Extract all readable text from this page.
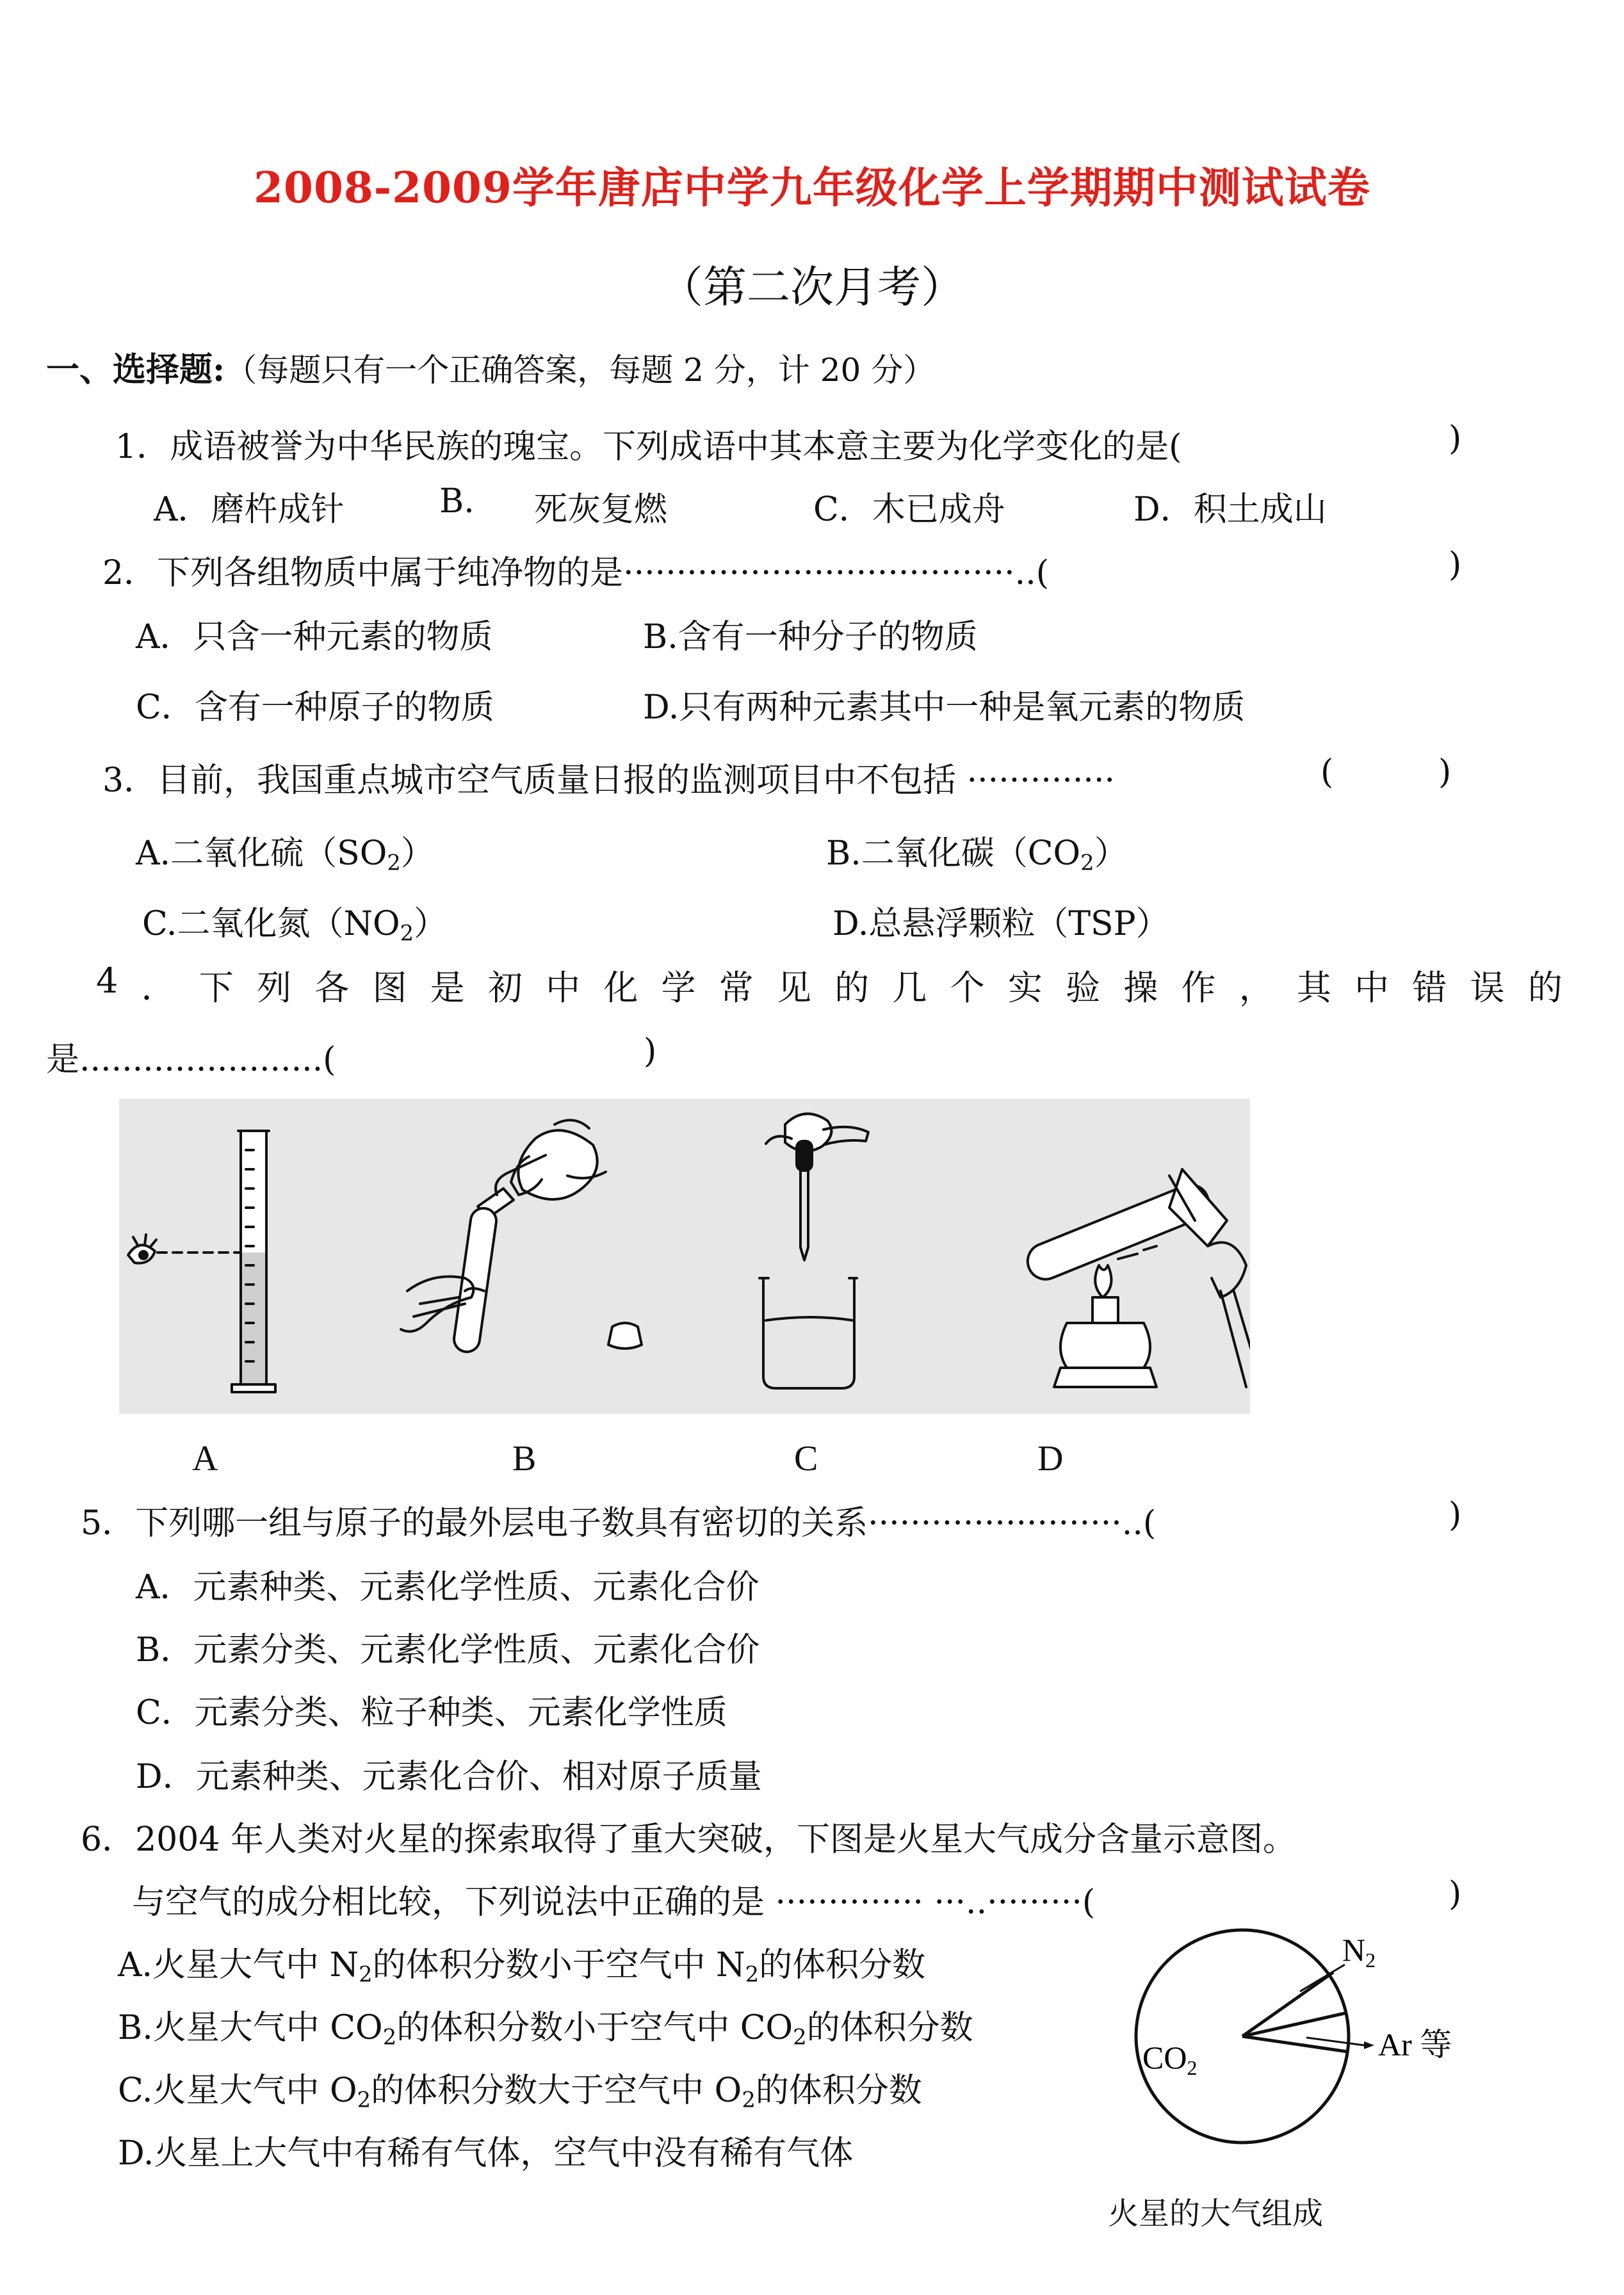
2008-2009学年唐店中学九年级化学上学期期中测试试卷
（第二次月考）
一、选择题:（每题只有一个正确答案，每题 2 分，计 20 分）
1．成语被誉为中华民族的瑰宝。下列成语中其本意主要为化学变化的是(	)
A．磨杵成针	B. 死灰复燃	C．木已成舟	D．积土成山
2．下列各组物质中属于纯净物的是·····································..(	)
A．只含一种元素的物质	B.含有一种分子的物质
C．含有一种原子的物质	D.只有两种元素其中一种是氧元素的物质
3．目前，我国重点城市空气质量日报的监测项目中不包括 ··············	(	)
A.二氧化硫$(SO_2)$	B.二氧化碳$(CO_2)$
C.二氧化氮$(NO_2)$	D.总悬浮颗粒（TSP）
4 ． 下 列 各 图 是 初 中 化 学 常 见 的 几 个 实 验 操 作 ， 其 中 错 误 的
是.......................(	)
A	B	C	D
5．下列哪一组与原子的最外层电子数具有密切的关系························..(	)
A．元素种类、元素化学性质、元素化合价
B．元素分类、元素化学性质、元素化合价
C．元素分类、粒子种类、元素化学性质
D．元素种类、元素化合价、相对原子质量
6．2004 年人类对火星的探索取得了重大突破，下图是火星大气成分含量示意图。
与空气的成分相比较，下列说法中正确的是 ·············· ···..·········(	)
A.火星大气中 $N_2$的体积分数小于空气中 $N_2$的体积分数
B.火星大气中 $CO_2$的体积分数小于空气中 $CO_2$的体积分数
C.火星大气中 $O_2$的体积分数大于空气中 $O_2$的体积分数
D.火星上大气中有稀有气体，空气中没有稀有气体
$N_2$
Ar 等
$CO_2$
火星的大气组成
